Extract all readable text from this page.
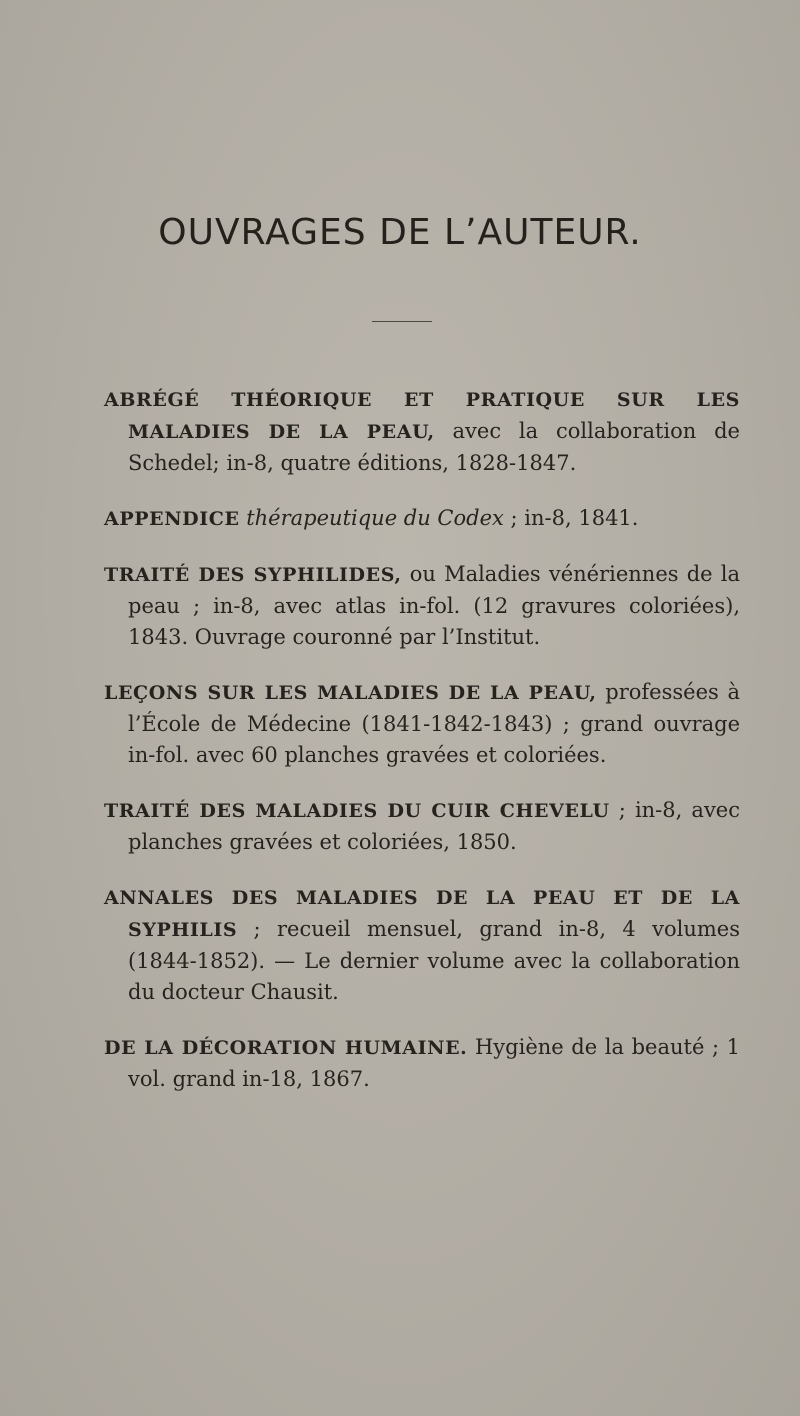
OUVRAGES DE L’AUTEUR.

ABRÉGÉ THÉORIQUE ET PRATIQUE SUR LES MALADIES DE LA PEAU, avec la collaboration de Schedel; in-8, quatre éditions, 1828-1847.

APPENDICE thérapeutique du Codex ; in-8, 1841.

TRAITÉ DES SYPHILIDES, ou Maladies vénériennes de la peau ; in-8, avec atlas in-fol. (12 gravures coloriées), 1843. Ouvrage couronné par l’Institut.

LEÇONS SUR LES MALADIES DE LA PEAU, professées à l’École de Médecine (1841-1842-1843) ; grand ouvrage in-fol. avec 60 planches gravées et coloriées.

TRAITÉ DES MALADIES DU CUIR CHEVELU ; in-8, avec planches gravées et coloriées, 1850.

ANNALES DES MALADIES DE LA PEAU ET DE LA SYPHILIS ; recueil mensuel, grand in-8, 4 volumes (1844-1852). — Le dernier volume avec la collaboration du docteur Chausit.

DE LA DÉCORATION HUMAINE. Hygiène de la beauté ; 1 vol. grand in-18, 1867.
